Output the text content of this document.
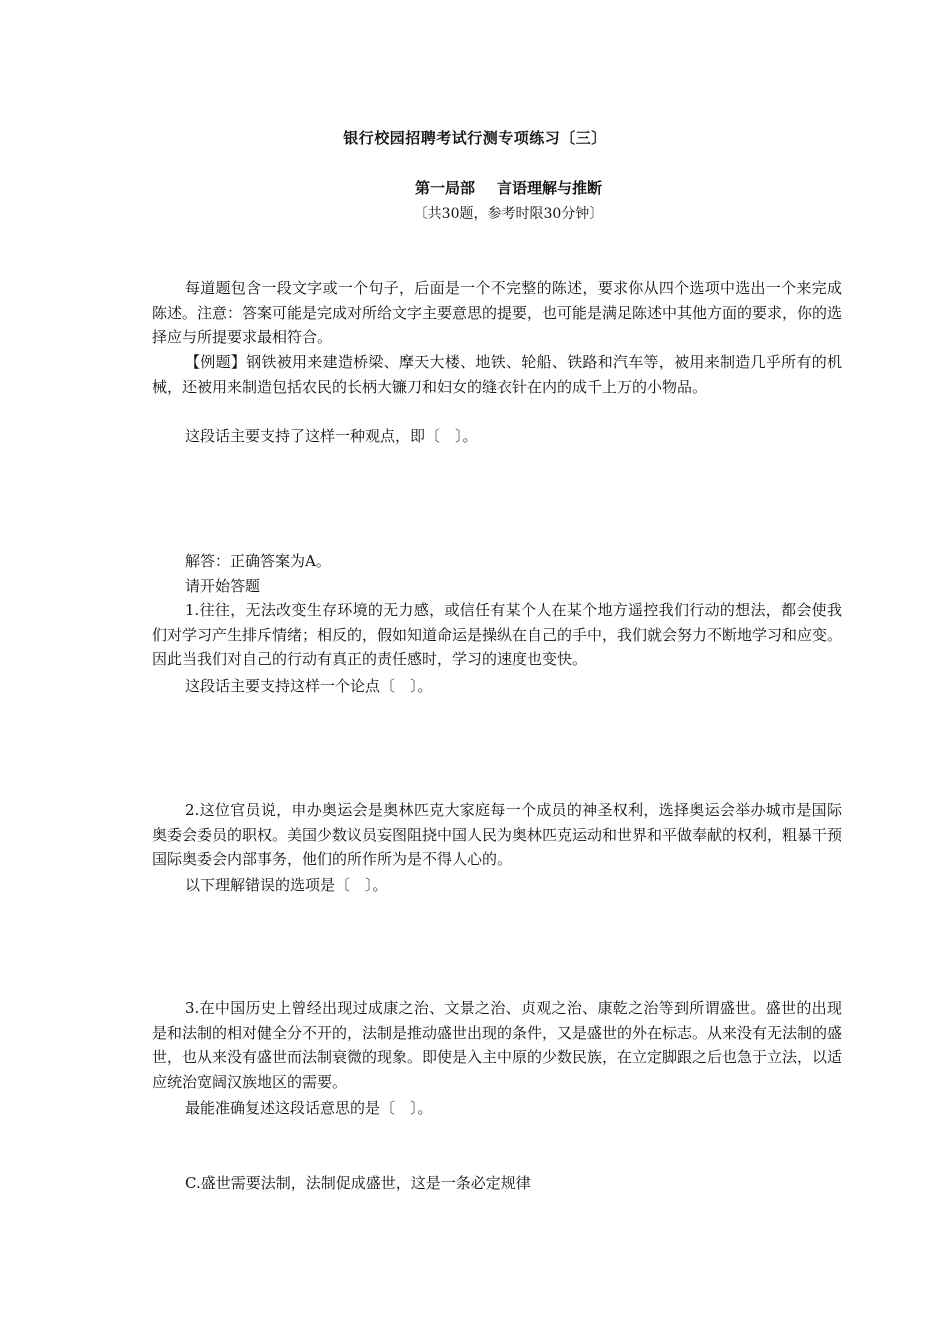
银行校园招聘考试行测专项练习〔三〕
第一局部 言语理解与推断
〔共30题，参考时限30分钟〕

每道题包含一段文字或一个句子，后面是一个不完整的陈述，要求你从四个选项中选出一个来完成陈述。注意：答案可能是完成对所给文字主要意思的提要，也可能是满足陈述中其他方面的要求，你的选择应与所提要求最相符合。

【例题】钢铁被用来建造桥梁、摩天大楼、地铁、轮船、铁路和汽车等，被用来制造几乎所有的机械，还被用来制造包括农民的长柄大镰刀和妇女的缝衣针在内的成千上万的小物品。

这段话主要支持了这样一种观点，即〔　〕。

解答：正确答案为A。

请开始答题

1.往往，无法改变生存环境的无力感，或信任有某个人在某个地方遥控我们行动的想法，都会使我们对学习产生排斥情绪；相反的，假如知道命运是操纵在自己的手中，我们就会努力不断地学习和应变。因此当我们对自己的行动有真正的责任感时，学习的速度也变快。

这段话主要支持这样一个论点〔　〕。

2.这位官员说，申办奥运会是奥林匹克大家庭每一个成员的神圣权利，选择奥运会举办城市是国际奥委会委员的职权。美国少数议员妄图阻挠中国人民为奥林匹克运动和世界和平做奉献的权利，粗暴干预国际奥委会内部事务，他们的所作所为是不得人心的。

以下理解错误的选项是〔　〕。

3.在中国历史上曾经出现过成康之治、文景之治、贞观之治、康乾之治等到所谓盛世。盛世的出现是和法制的相对健全分不开的，法制是推动盛世出现的条件，又是盛世的外在标志。从来没有无法制的盛世，也从来没有盛世而法制衰微的现象。即使是入主中原的少数民族，在立定脚跟之后也急于立法，以适应统治宽阔汉族地区的需要。

最能准确复述这段话意思的是〔　〕。

C.盛世需要法制，法制促成盛世，这是一条必定规律
